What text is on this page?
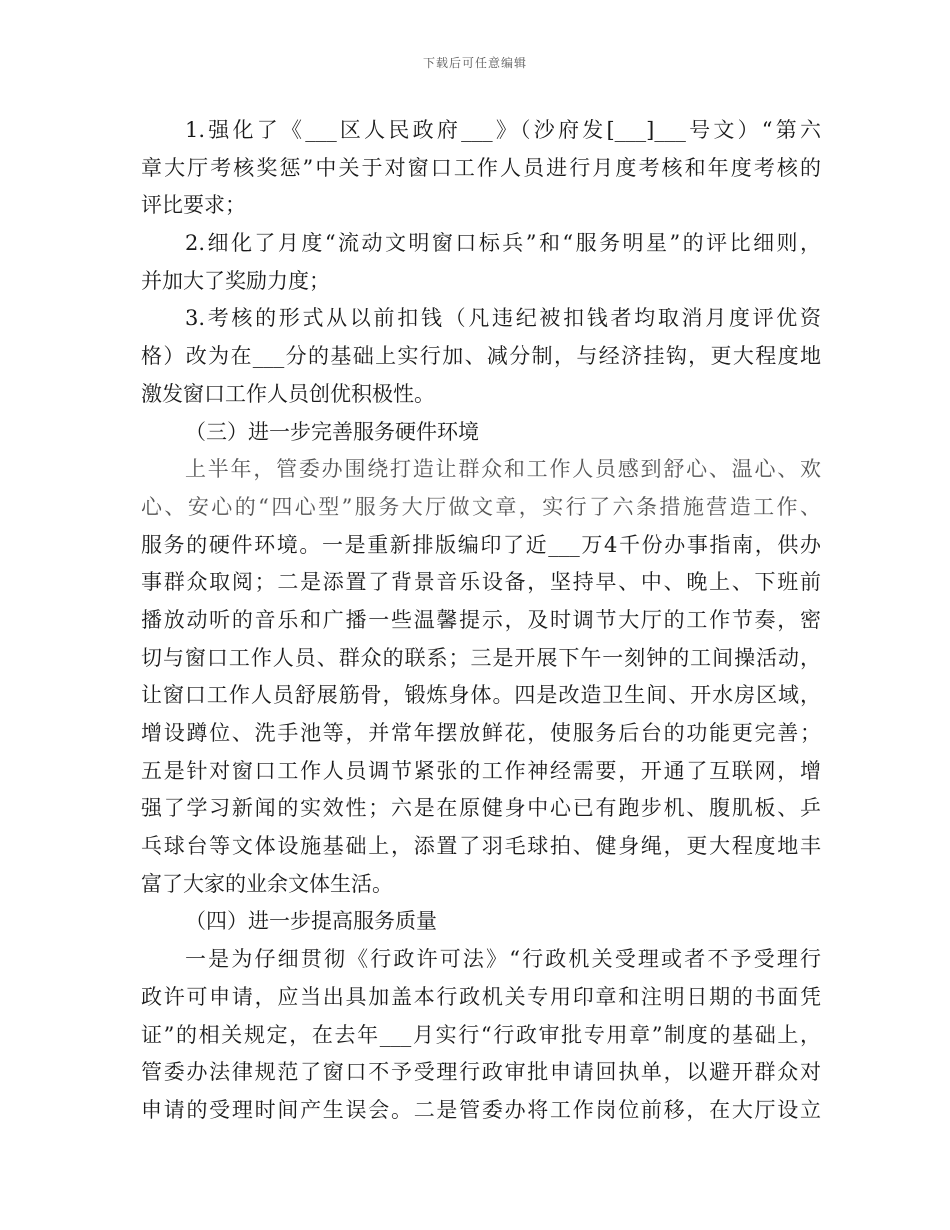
下载后可任意编辑
1.强化了《___区人民政府___》（沙府发[___]___号文）“第六
章大厅考核奖惩”中关于对窗口工作人员进行月度考核和年度考核的
评比要求；
2.细化了月度“流动文明窗口标兵”和“服务明星”的评比细则，
并加大了奖励力度；
3.考核的形式从以前扣钱（凡违纪被扣钱者均取消月度评优资
格）改为在___分的基础上实行加、减分制，与经济挂钩，更大程度地
激发窗口工作人员创优积极性。
（三）进一步完善服务硬件环境
上半年，管委办围绕打造让群众和工作人员感到舒心、温心、欢
心、安心的“四心型”服务大厅做文章，实行了六条措施营造工作、
服务的硬件环境。一是重新排版编印了近___万4千份办事指南，供办
事群众取阅；二是添置了背景音乐设备，坚持早、中、晚上、下班前
播放动听的音乐和广播一些温馨提示，及时调节大厅的工作节奏，密
切与窗口工作人员、群众的联系；三是开展下午一刻钟的工间操活动，
让窗口工作人员舒展筋骨，锻炼身体。四是改造卫生间、开水房区域，
增设蹲位、洗手池等，并常年摆放鲜花，使服务后台的功能更完善；
五是针对窗口工作人员调节紧张的工作神经需要，开通了互联网，增
强了学习新闻的实效性；六是在原健身中心已有跑步机、腹肌板、乒
乓球台等文体设施基础上，添置了羽毛球拍、健身绳，更大程度地丰
富了大家的业余文体生活。
（四）进一步提高服务质量
一是为仔细贯彻《行政许可法》“行政机关受理或者不予受理行
政许可申请，应当出具加盖本行政机关专用印章和注明日期的书面凭
证”的相关规定，在去年___月实行“行政审批专用章”制度的基础上，
管委办法律规范了窗口不予受理行政审批申请回执单，以避开群众对
申请的受理时间产生误会。二是管委办将工作岗位前移，在大厅设立
